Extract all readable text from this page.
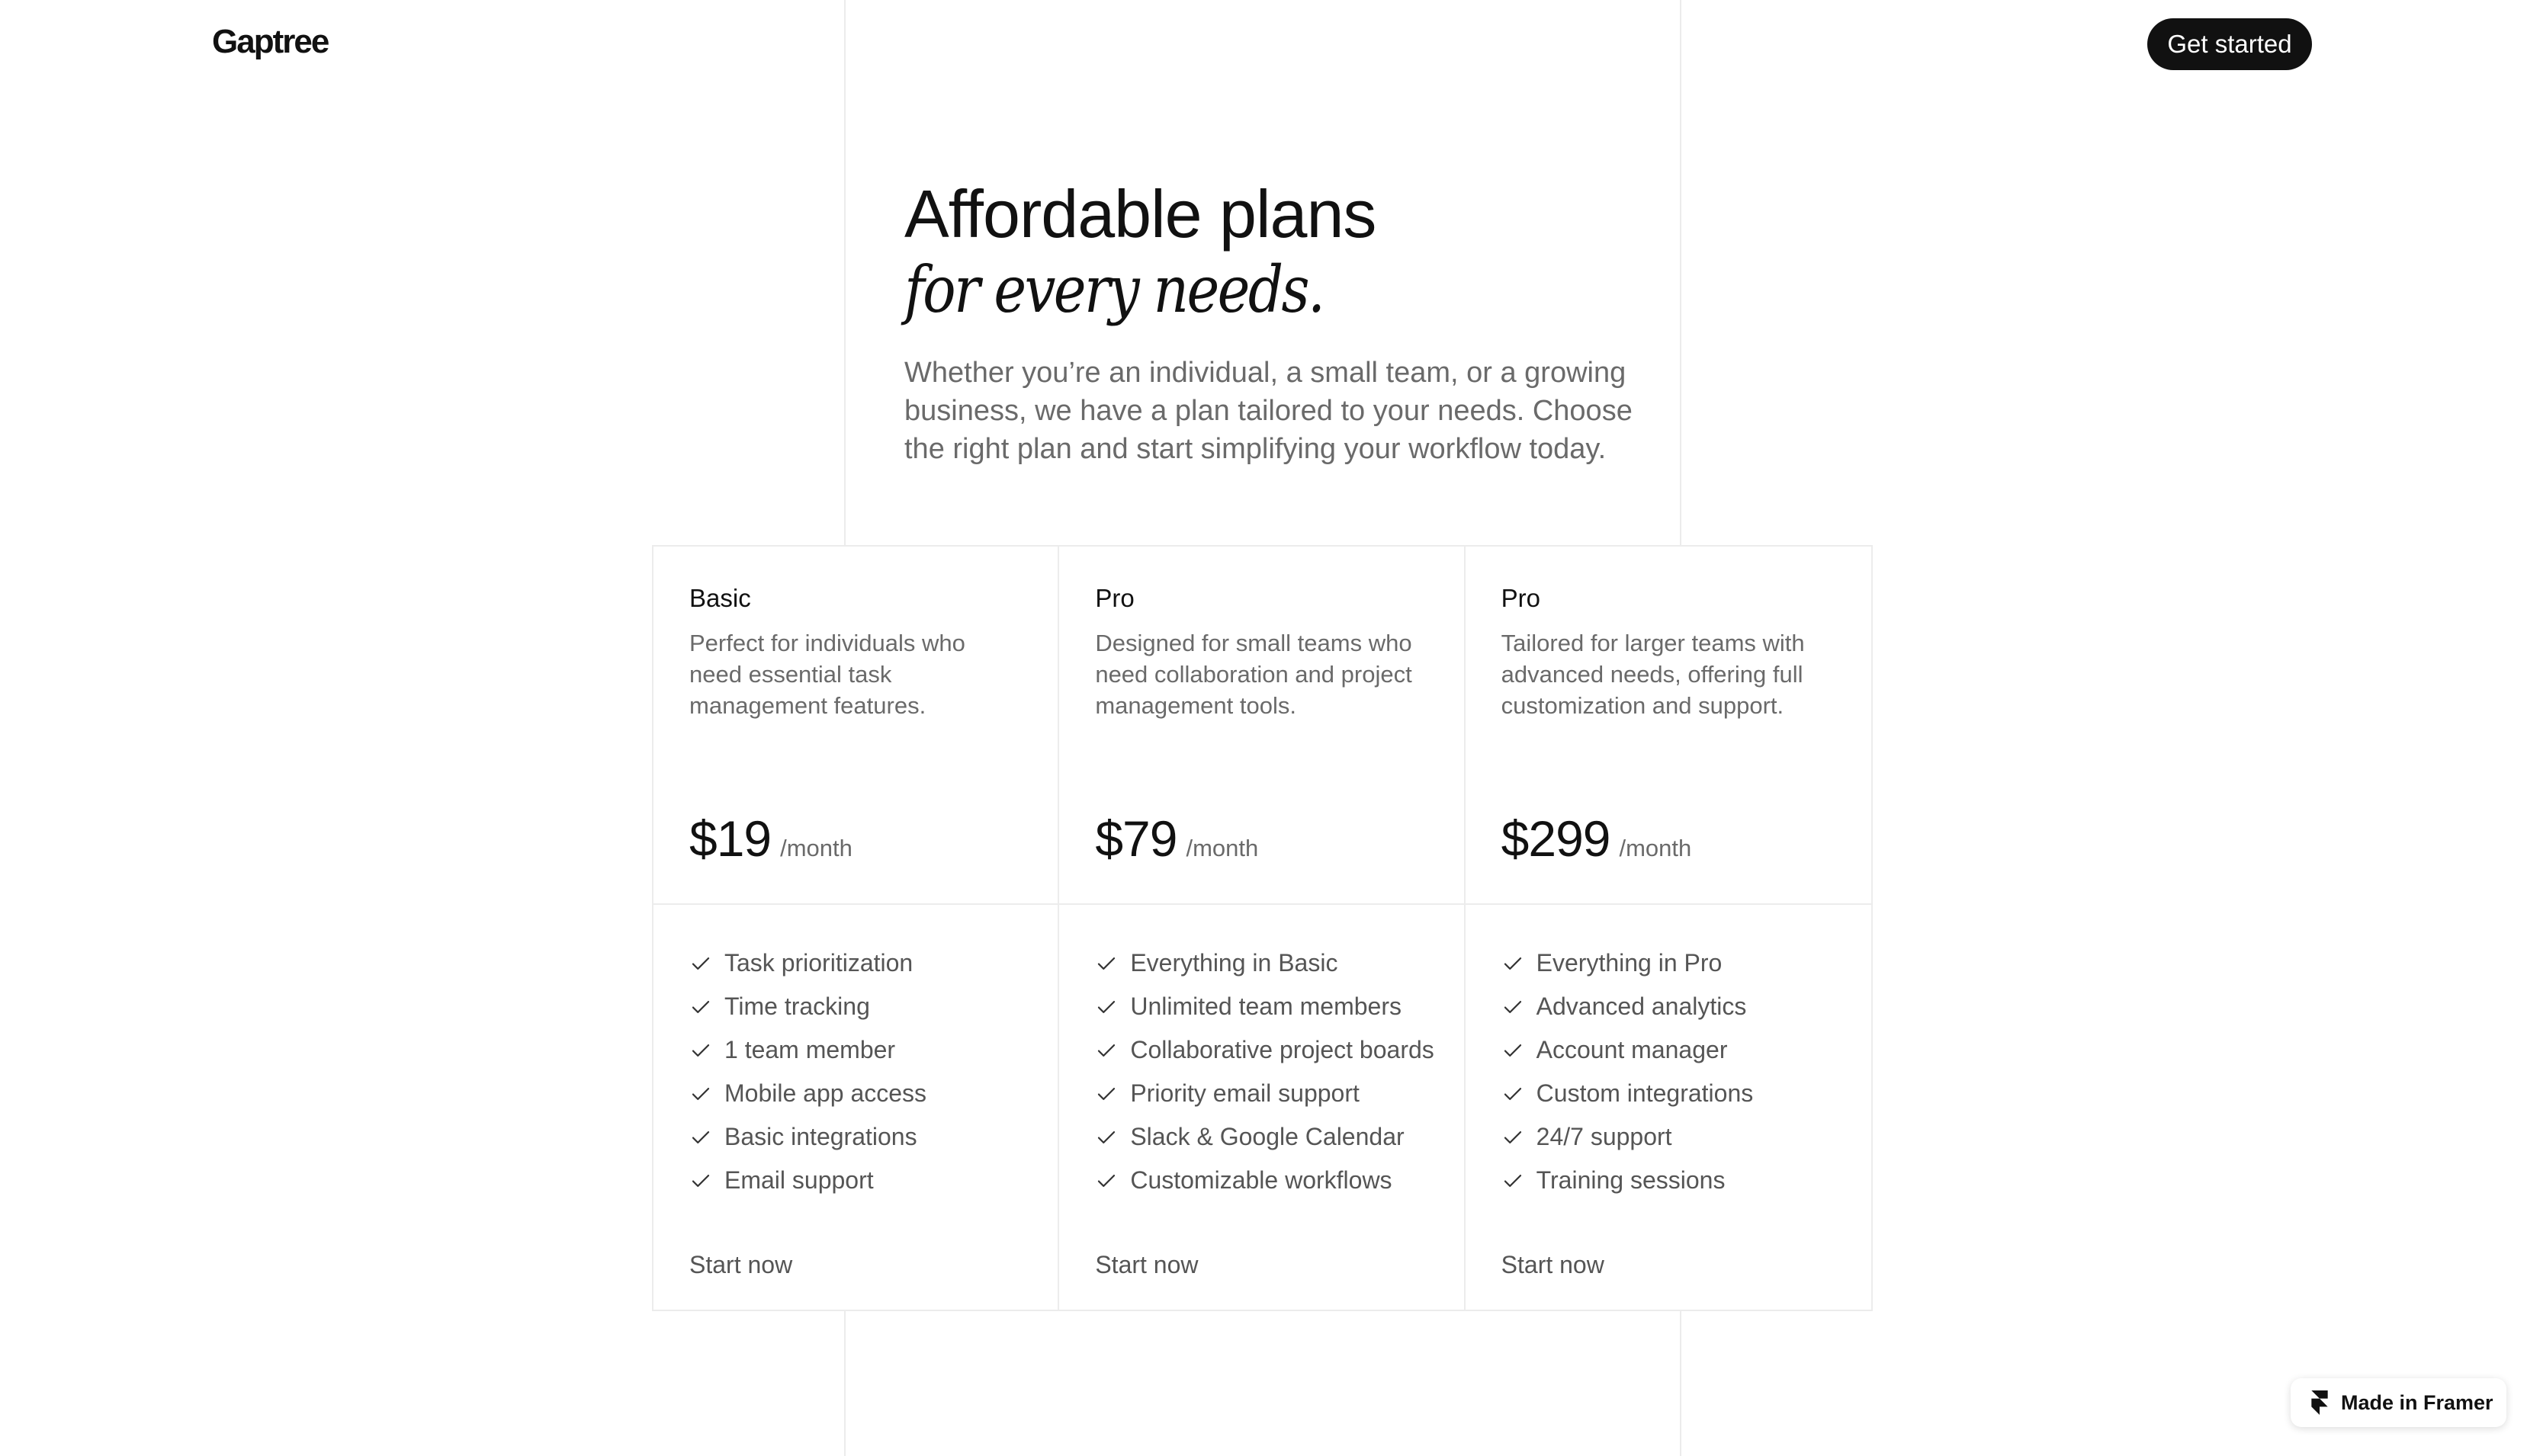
Gaptree	Get started
Affordable plans
for every needs.

Whether you’re an individual, a small team, or a growing business, we have a plan tailored to your needs. Choose the right plan and start simplifying your workflow today.

Basic
Perfect for individuals who need essential task management features.
$19 /month
Task prioritization
Time tracking
1 team member
Mobile app access
Basic integrations
Email support
Start now
Pro
Designed for small teams who need collaboration and project management tools.
$79 /month
Everything in Basic
Unlimited team members
Collaborative project boards
Priority email support
Slack & Google Calendar
Customizable workflows
Start now
Pro
Tailored for larger teams with advanced needs, offering full customization and support.
$299 /month
Everything in Pro
Advanced analytics
Account manager
Custom integrations
24/7 support
Training sessions
Start now
Made in Framer
